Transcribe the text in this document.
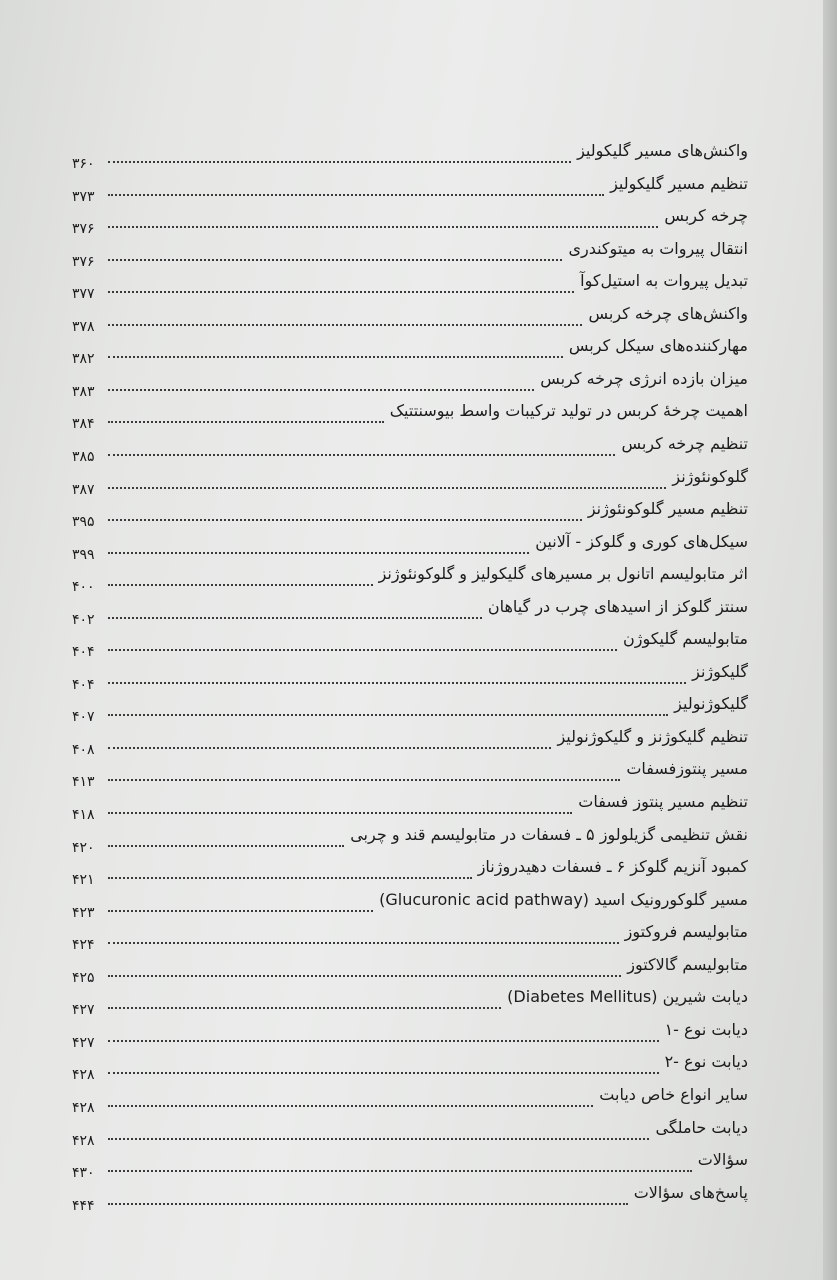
واکنش‌های مسیر گلیکولیز
۳۶۰
تنظیم مسیر گلیکولیز
۳۷۳
چرخه کربس
۳۷۶
انتقال پیروات به میتوکندری
۳۷۶
تبدیل پیروات به استیل‌کوآ
۳۷۷
واکنش‌های چرخه کربس
۳۷۸
مهارکننده‌های سیکل کربس
۳۸۲
میزان بازده انرژی چرخه کربس
۳۸۳
اهمیت چرخهٔ کربس در تولید ترکیبات واسط بیوسنتتیک
۳۸۴
تنظیم چرخه کربس
۳۸۵
گلوکونئوژنز
۳۸۷
تنظیم مسیر گلوکونئوژنز
۳۹۵
سیکل‌های کوری و گلوکز - آلانین
۳۹۹
اثر متابولیسم اتانول بر مسیرهای گلیکولیز و گلوکونئوژنز
۴۰۰
سنتز گلوکز از اسیدهای چرب در گیاهان
۴۰۲
متابولیسم گلیکوژن
۴۰۴
گلیکوژنز
۴۰۴
گلیکوژنولیز
۴۰۷
تنظیم گلیکوژنز و گلیکوژنولیز
۴۰۸
مسیر پنتوزفسفات
۴۱۳
تنظیم مسیر پنتوز فسفات
۴۱۸
نقش تنظیمی گزیلولوز ۵ ـ فسفات در متابولیسم قند و چربی
۴۲۰
کمبود آنزیم گلوکز ۶ ـ فسفات دهیدروژناز
۴۲۱
مسیر گلوکورونیک اسید (Glucuronic acid pathway)
۴۲۳
متابولیسم فروکتوز
۴۲۴
متابولیسم گالاکتوز
۴۲۵
دیابت شیرین (Diabetes Mellitus)
۴۲۷
دیابت نوع -۱
۴۲۷
دیابت نوع -۲
۴۲۸
سایر انواع خاص دیابت
۴۲۸
دیابت حاملگی
۴۲۸
سؤالات
۴۳۰
پاسخ‌های سؤالات
۴۴۴
